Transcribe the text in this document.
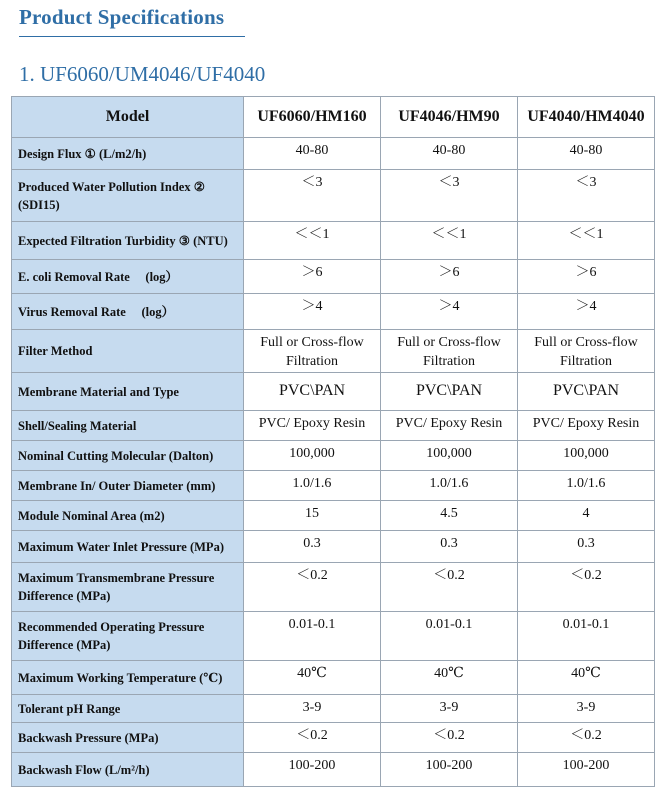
Product Specifications
1. UF6060/UM4046/UF4040
Model	UF6060/HM160	UF4046/HM90	UF4040/HM4040
Design Flux ① (L/m2/h)	40-80	40-80	40-80
Produced Water Pollution Index ② (SDI15)	＜3	＜3	＜3
Expected Filtration Turbidity ③ (NTU)	＜＜1	＜＜1	＜＜1
E. coli Removal Rate 　(log）	＞6	＞6	＞6
Virus Removal Rate 　(log）	＞4	＞4	＞4
Filter Method	Full or Cross-flow Filtration	Full or Cross-flow Filtration	Full or Cross-flow Filtration
Membrane Material and Type	PVC\PAN	PVC\PAN	PVC\PAN
Shell/Sealing Material	PVC/ Epoxy Resin	PVC/ Epoxy Resin	PVC/ Epoxy Resin
Nominal Cutting Molecular (Dalton)	100,000	100,000	100,000
Membrane In/ Outer Diameter (mm)	1.0/1.6	1.0/1.6	1.0/1.6
Module Nominal Area (m2)	15	4.5	4
Maximum Water Inlet Pressure (MPa)	0.3	0.3	0.3
Maximum Transmembrane Pressure Difference (MPa)	＜0.2	＜0.2	＜0.2
Recommended Operating Pressure Difference (MPa)	0.01-0.1	0.01-0.1	0.01-0.1
Maximum Working Temperature (℃)	40℃	40℃	40℃
Tolerant pH Range	3-9	3-9	3-9
Backwash Pressure (MPa)	＜0.2	＜0.2	＜0.2
Backwash Flow (L/m²/h)	100-200	100-200	100-200
